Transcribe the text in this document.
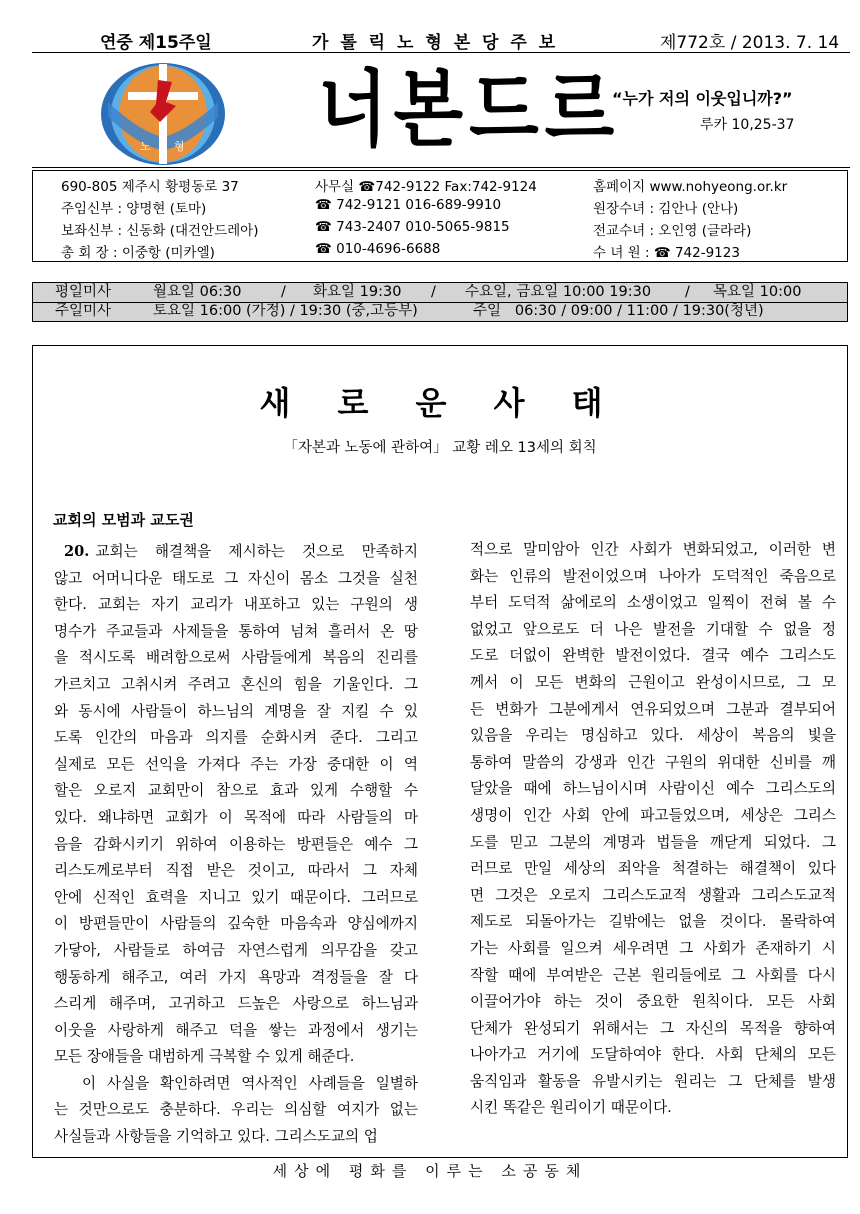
연중 제15주일	가 톨 릭 노 형 본 당 주 보	제772호 / 2013. 7. 14
노 형 너본드르
“누가 저의 이웃입니까?”
루카 10,25-37
690-805 제주시 황평동로 37	사무실 ☎742-9122 Fax:742-9124	홈페이지 www.nohyeong.or.kr
주임신부 : 양명현 (토마)	☎ 742-9121 016-689-9910	원장수녀 : 김안나 (안나)
보좌신부 : 신동화 (대건안드레아)	☎ 743-2407 010-5065-9815	전교수녀 : 오인영 (글라라)
총 회 장 : 이중항 (미카엘)	☎ 010-4696-6688	수 녀 원 : ☎ 742-9123
평일미사	월요일 06:30	/ 화요일 19:30 / 수요일, 금요일 10:00 19:30 / 목요일 10:00
주일미사	토요일 16:00 (가정) / 19:30 (중,고등부)	주일   06:30 / 09:00 / 11:00 / 19:30(청년)
새 로 운 사 태
「자본과 노동에 관하여」 교황 레오 13세의 회칙
교회의 모범과 교도권
20. 교회는 해결책을 제시하는 것으로 만족하지
않고 어머니다운 태도로 그 자신이 몸소 그것을 실천
한다. 교회는 자기 교리가 내포하고 있는 구원의 생
명수가 주교들과 사제들을 통하여 넘쳐 흘러서 온 땅
을 적시도록 배려함으로써 사람들에게 복음의 진리를
가르치고 고취시켜 주려고 혼신의 힘을 기울인다. 그
와 동시에 사람들이 하느님의 계명을 잘 지킬 수 있
도록 인간의 마음과 의지를 순화시켜 준다. 그리고
실제로 모든 선익을 가져다 주는 가장 중대한 이 역
할은 오로지 교회만이 참으로 효과 있게 수행할 수
있다. 왜냐하면 교회가 이 목적에 따라 사람들의 마
음을 감화시키기 위하여 이용하는 방편들은 예수 그
리스도께로부터 직접 받은 것이고, 따라서 그 자체
안에 신적인 효력을 지니고 있기 때문이다. 그러므로
이 방편들만이 사람들의 깊숙한 마음속과 양심에까지
가닿아, 사람들로 하여금 자연스럽게 의무감을 갖고
행동하게 해주고, 여러 가지 욕망과 격정들을 잘 다
스리게 해주며, 고귀하고 드높은 사랑으로 하느님과
이웃을 사랑하게 해주고 덕을 쌓는 과정에서 생기는
모든 장애들을 대범하게 극복할 수 있게 해준다.
이 사실을 확인하려면 역사적인 사례들을 일별하
는 것만으로도 충분하다. 우리는 의심할 여지가 없는
사실들과 사항들을 기억하고 있다. 그리스도교의 업
적으로 말미암아 인간 사회가 변화되었고, 이러한 변
화는 인류의 발전이었으며 나아가 도덕적인 죽음으로
부터 도덕적 삶에로의 소생이었고 일찍이 전혀 볼 수
없었고 앞으로도 더 나은 발전을 기대할 수 없을 정
도로 더없이 완벽한 발전이었다. 결국 예수 그리스도
께서 이 모든 변화의 근원이고 완성이시므로, 그 모
든 변화가 그분에게서 연유되었으며 그분과 결부되어
있음을 우리는 명심하고 있다. 세상이 복음의 빛을
통하여 말씀의 강생과 인간 구원의 위대한 신비를 깨
달았을 때에 하느님이시며 사람이신 예수 그리스도의
생명이 인간 사회 안에 파고들었으며, 세상은 그리스
도를 믿고 그분의 계명과 법들을 깨닫게 되었다. 그
러므로 만일 세상의 죄악을 척결하는 해결책이 있다
면 그것은 오로지 그리스도교적 생활과 그리스도교적
제도로 되돌아가는 길밖에는 없을 것이다. 몰락하여
가는 사회를 일으켜 세우려면 그 사회가 존재하기 시
작할 때에 부여받은 근본 원리들에로 그 사회를 다시
이끌어가야 하는 것이 중요한 원칙이다. 모든 사회
단체가 완성되기 위해서는 그 자신의 목적을 향하여
나아가고 거기에 도달하여야 한다. 사회 단체의 모든
움직임과 활동을 유발시키는 원리는 그 단체를 발생
시킨 똑같은 원리이기 때문이다.
세상에 평화를 이루는 소공동체
